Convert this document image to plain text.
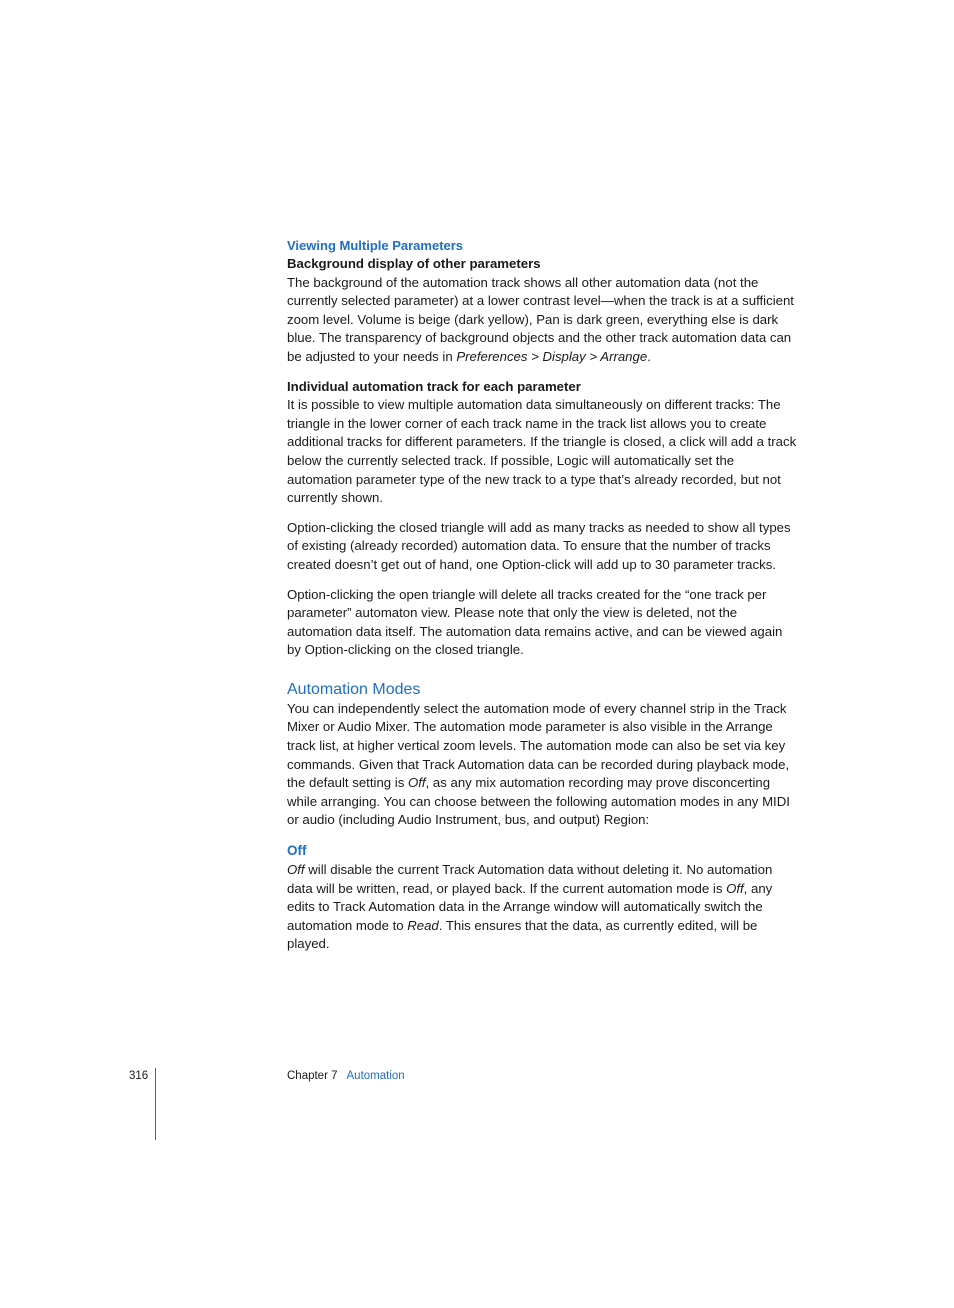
Viewing Multiple Parameters
Background display of other parameters

The background of the automation track shows all other automation data (not the currently selected parameter) at a lower contrast level—when the track is at a sufficient zoom level. Volume is beige (dark yellow), Pan is dark green, everything else is dark blue. The transparency of background objects and the other track automation data can be adjusted to your needs in Preferences > Display > Arrange.

Individual automation track for each parameter

It is possible to view multiple automation data simultaneously on different tracks: The triangle in the lower corner of each track name in the track list allows you to create additional tracks for different parameters. If the triangle is closed, a click will add a track below the currently selected track. If possible, Logic will automatically set the automation parameter type of the new track to a type that’s already recorded, but not currently shown.

Option-clicking the closed triangle will add as many tracks as needed to show all types of existing (already recorded) automation data. To ensure that the number of tracks created doesn’t get out of hand, one Option-click will add up to 30 parameter tracks.

Option-clicking the open triangle will delete all tracks created for the “one track per parameter” automaton view. Please note that only the view is deleted, not the automation data itself. The automation data remains active, and can be viewed again by Option-clicking on the closed triangle.

Automation Modes

You can independently select the automation mode of every channel strip in the Track Mixer or Audio Mixer. The automation mode parameter is also visible in the Arrange track list, at higher vertical zoom levels. The automation mode can also be set via key commands. Given that Track Automation data can be recorded during playback mode, the default setting is Off, as any mix automation recording may prove disconcerting while arranging. You can choose between the following automation modes in any MIDI or audio (including Audio Instrument, bus, and output) Region:

Off

Off will disable the current Track Automation data without deleting it. No automation data will be written, read, or played back. If the current automation mode is Off, any edits to Track Automation data in the Arrange window will automatically switch the automation mode to Read. This ensures that the data, as currently edited, will be played.

316	Chapter 7 Automation
